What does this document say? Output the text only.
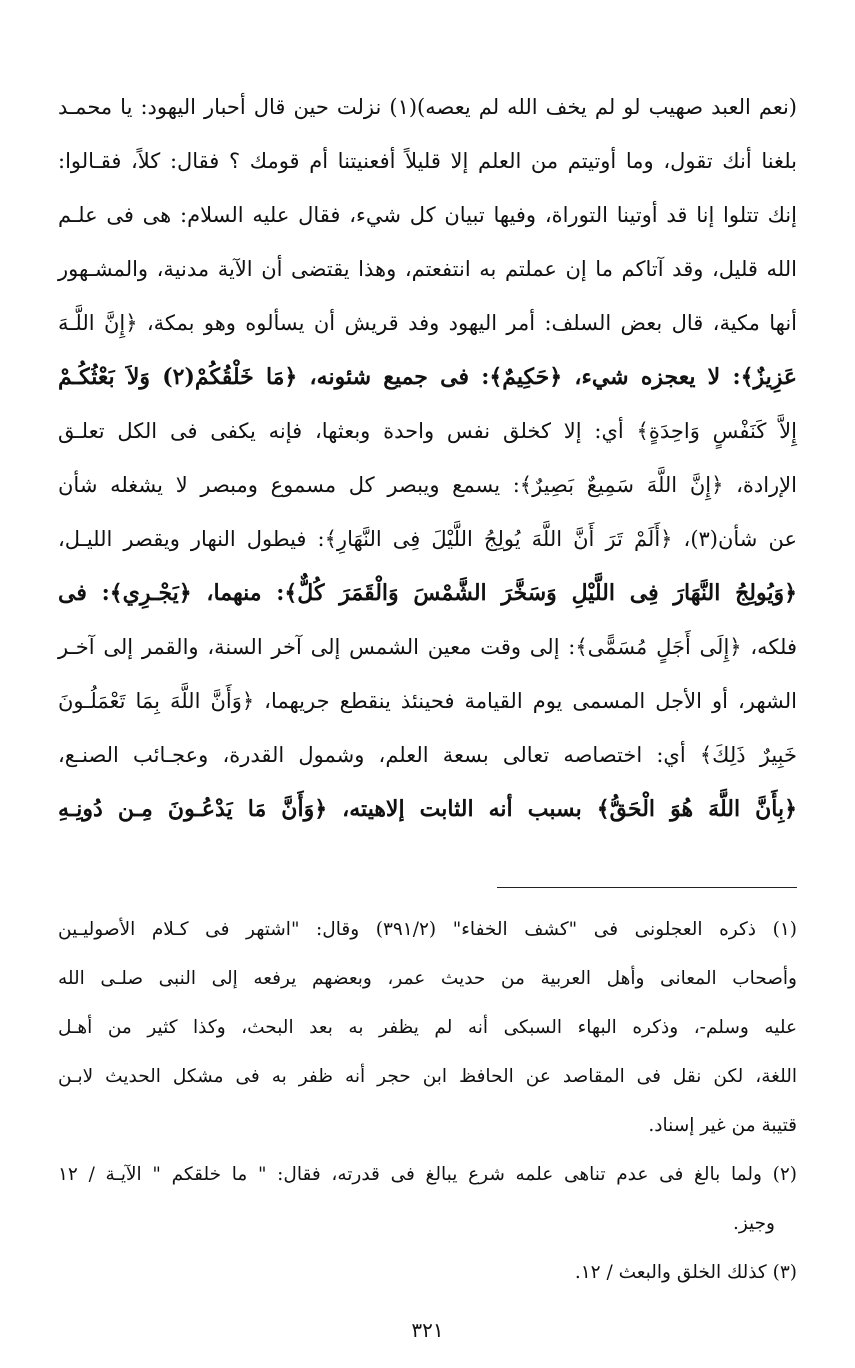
(نعم العبد صهيب لو لم يخف الله لم يعصه)(١) نزلت حين قال أحبار اليهود: يا محمـد
بلغنا أنك تقول، وما أوتيتم من العلم إلا قليلاً أفعنيتنا أم قومك ؟ فقال: كلاً، فقـالوا:
إنك تتلوا إنا قد أوتينا التوراة، وفيها تبيان كل شيء، فقال عليه السلام: هى فى علـم
الله قليل، وقد آتاكم ما إن عملتم به انتفعتم، وهذا يقتضى أن الآية مدنية، والمشـهور
أنها مكية، قال بعض السلف: أمر اليهود وفد قريش أن يسألوه وهو بمكة، ﴿إِنَّ اللَّـهَ
عَزِيزٌ﴾: لا يعجزه شيء، ﴿حَكِيمٌ﴾: فى جميع شئونه، ﴿مَا خَلْقُكُمْ(٢) وَلاَ بَعْثُكُـمْ
إِلاَّ كَنَفْسٍ وَاحِدَةٍ﴾ أي: إلا كخلق نفس واحدة وبعثها، فإنه يكفى فى الكل تعلـق
الإرادة، ﴿إِنَّ اللَّهَ سَمِيعٌ بَصِيرٌ﴾: يسمع ويبصر كل مسموع ومبصر لا يشغله شأن
عن شأن(٣)، ﴿أَلَمْ تَرَ أَنَّ اللَّهَ يُولِجُ اللَّيْلَ فِى النَّهَارِ﴾: فيطول النهار ويقصر الليـل،
﴿وَيُولِجُ النَّهَارَ فِى اللَّيْلِ وَسَخَّرَ الشَّمْسَ وَالْقَمَرَ كُلٌّ﴾: منهما، ﴿يَجْـرِي﴾: فى
فلكه، ﴿إِلَى أَجَلٍ مُسَمًّى﴾: إلى وقت معين الشمس إلى آخر السنة، والقمر إلى آخـر
الشهر، أو الأجل المسمى يوم القيامة فحينئذ ينقطع جريهما، ﴿وَأَنَّ اللَّهَ بِمَا تَعْمَلُـونَ
خَبِيرٌ ذَلِكَ﴾ أي: اختصاصه تعالى بسعة العلم، وشمول القدرة، وعجـائب الصنـع،
﴿بِأَنَّ اللَّهَ هُوَ الْحَقُّ﴾ بسبب أنه الثابت إلاهيته، ﴿وَأَنَّ مَا يَدْعُـونَ مِـن دُونِـهِ
(١) ذكره العجلونى فى "كشف الخفاء" (٣٩١/٢) وقال: "اشتهر فى كـلام الأصوليـين
وأصحاب المعانى وأهل العربية من حديث عمر، وبعضهم يرفعه إلى النبى صلـى الله
عليه وسلم-، وذكره البهاء السبكى أنه لم يظفر به بعد البحث، وكذا كثير من أهـل
اللغة، لكن نقل فى المقاصد عن الحافظ ابن حجر أنه ظفر به فى مشكل الحديث لابـن
قتيبة من غير إسناد.
(٢) ولما بالغ فى عدم تناهى علمه شرع يبالغ فى قدرته، فقال: " ما خلقكم " الآيـة / ١٢
وجيز.
(٣) كذلك الخلق والبعث / ١٢.
٣٢١
